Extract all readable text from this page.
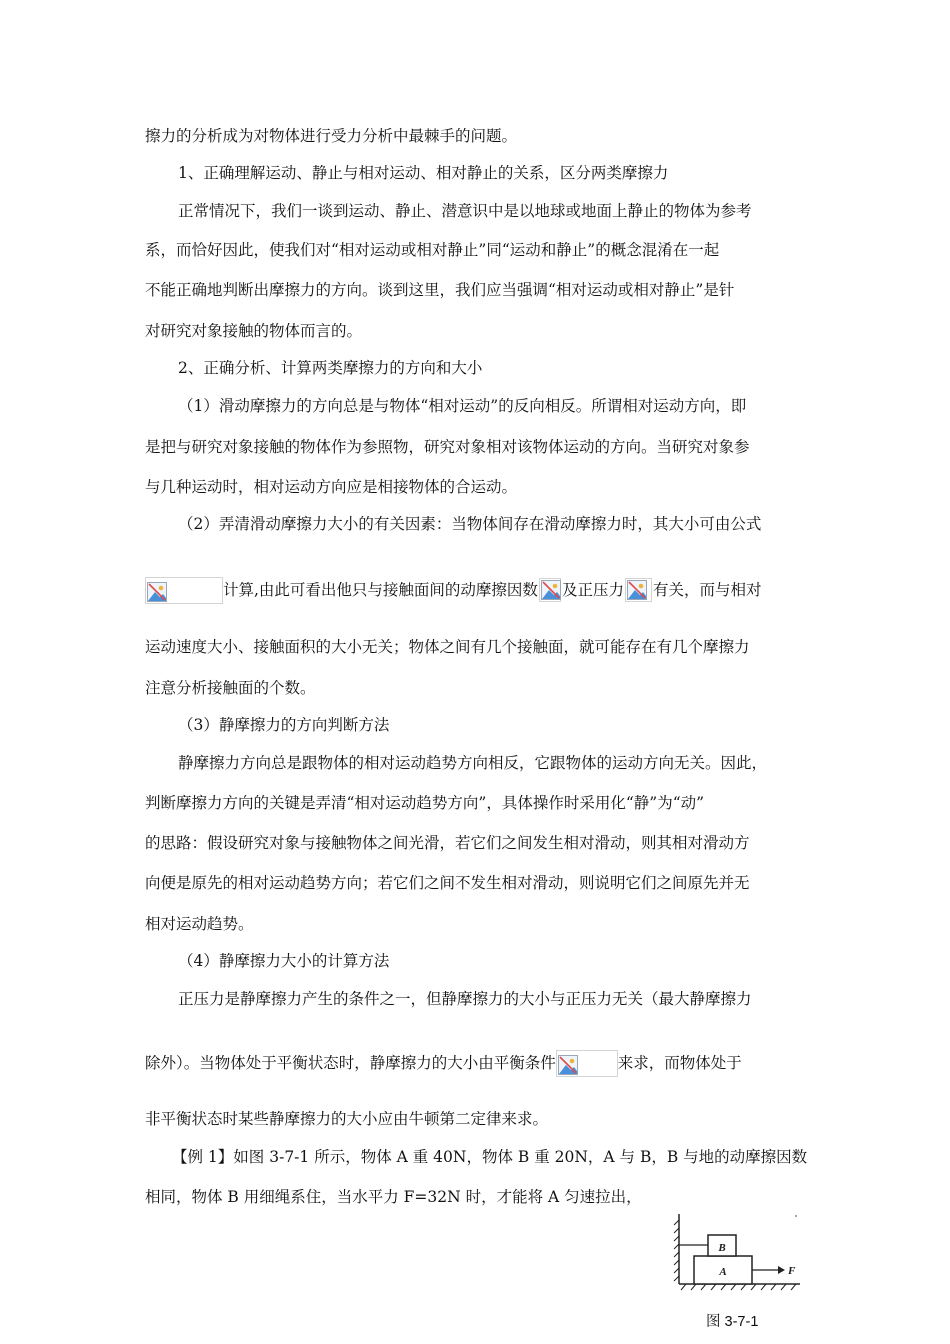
擦力的分析成为对物体进行受力分析中最棘手的问题。
1、正确理解运动、静止与相对运动、相对静止的关系，区分两类摩擦力
正常情况下，我们一谈到运动、静止、潜意识中是以地球或地面上静止的物体为参考
系，而恰好因此，使我们对“相对运动或相对静止”同“运动和静止”的概念混淆在一起
不能正确地判断出摩擦力的方向。谈到这里，我们应当强调“相对运动或相对静止”是针
对研究对象接触的物体而言的。
2、正确分析、计算两类摩擦力的方向和大小
（1）滑动摩擦力的方向总是与物体“相对运动”的反向相反。所谓相对运动方向，即
是把与研究对象接触的物体作为参照物，研究对象相对该物体运动的方向。当研究对象参
与几种运动时，相对运动方向应是相接物体的合运动。
（2）弄清滑动摩擦力大小的有关因素：当物体间存在滑动摩擦力时，其大小可由公式
计算,由此可看出他只与接触面间的动摩擦因数 及正压力 有关，而与相对
运动速度大小、接触面积的大小无关；物体之间有几个接触面，就可能存在有几个摩擦力
注意分析接触面的个数。
（3）静摩擦力的方向判断方法
静摩擦力方向总是跟物体的相对运动趋势方向相反，它跟物体的运动方向无关。因此，
判断摩擦力方向的关键是弄清“相对运动趋势方向”，具体操作时采用化“静”为“动”
的思路：假设研究对象与接触物体之间光滑，若它们之间发生相对滑动，则其相对滑动方
向便是原先的相对运动趋势方向；若它们之间不发生相对滑动，则说明它们之间原先并无
相对运动趋势。
（4）静摩擦力大小的计算方法
正压力是静摩擦力产生的条件之一，但静摩擦力的大小与正压力无关（最大静摩擦力
除外）。当物体处于平衡状态时，静摩擦力的大小由平衡条件	来求，而物体处于
非平衡状态时某些静摩擦力的大小应由牛顿第二定律来求。
【例 1】如图 3-7-1 所示，物体 A 重 40N，物体 B 重 20N，A 与 B，B 与地的动摩擦因数
相同，物体 B 用细绳系住，当水平力 F=32N 时，才能将 A 匀速拉出，
B
A	F
图 3-7-1
